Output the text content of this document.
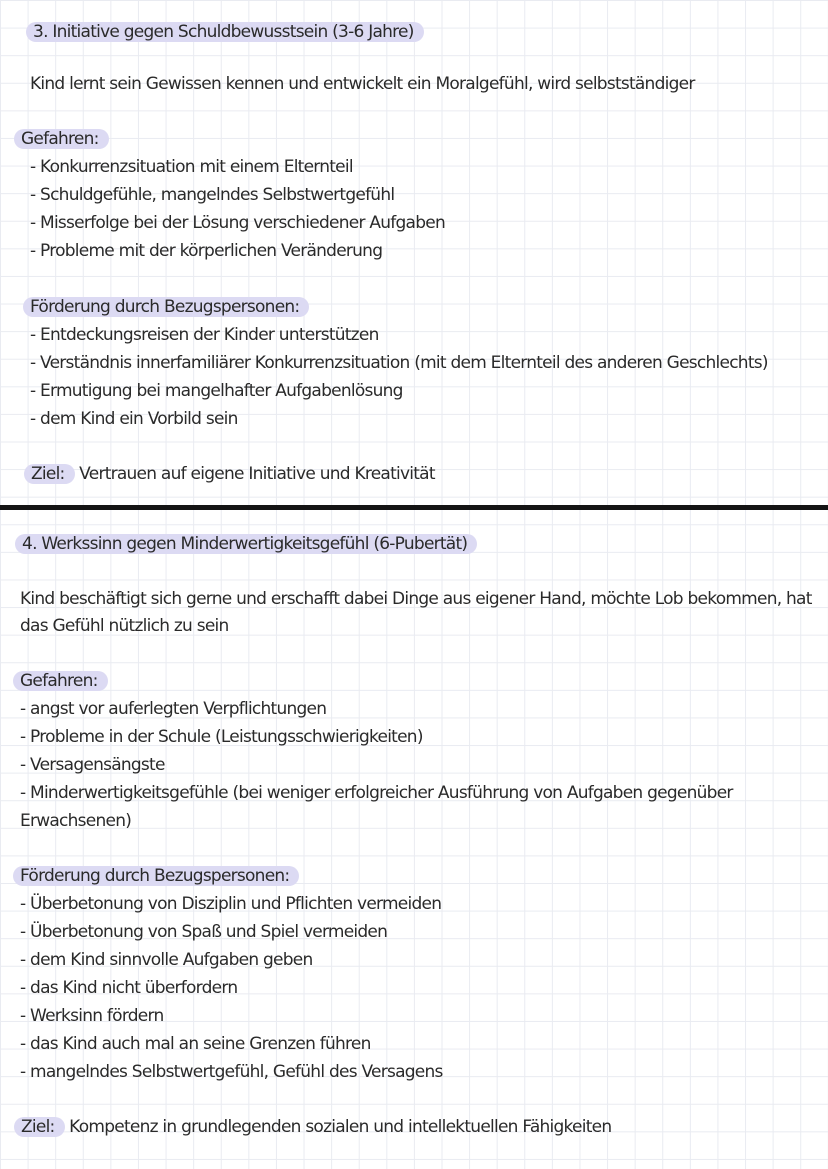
3. Initiative gegen Schuldbewusstsein (3-6 Jahre)

Kind lernt sein Gewissen kennen und entwickelt ein Moralgefühl, wird selbstständiger

Gefahren:

- Konkurrenzsituation mit einem Elternteil

- Schuldgefühle, mangelndes Selbstwertgefühl

- Misserfolge bei der Lösung verschiedener Aufgaben

- Probleme mit der körperlichen Veränderung

Förderung durch Bezugspersonen:

- Entdeckungsreisen der Kinder unterstützen

- Verständnis innerfamiliärer Konkurrenzsituation (mit dem Elternteil des anderen Geschlechts)

- Ermutigung bei mangelhafter Aufgabenlösung

- dem Kind ein Vorbild sein

Ziel: Vertrauen auf eigene Initiative und Kreativität

4. Werkssinn gegen Minderwertigkeitsgefühl (6-Pubertät)

Kind beschäftigt sich gerne und erschafft dabei Dinge aus eigener Hand, möchte Lob bekommen, hat

das Gefühl nützlich zu sein

Gefahren:

- angst vor auferlegten Verpflichtungen

- Probleme in der Schule (Leistungsschwierigkeiten)

- Versagensängste

- Minderwertigkeitsgefühle (bei weniger erfolgreicher Ausführung von Aufgaben gegenüber

Erwachsenen)

Förderung durch Bezugspersonen:

- Überbetonung von Disziplin und Pflichten vermeiden

- Überbetonung von Spaß und Spiel vermeiden

- dem Kind sinnvolle Aufgaben geben

- das Kind nicht überfordern

- Werksinn fördern

- das Kind auch mal an seine Grenzen führen

- mangelndes Selbstwertgefühl, Gefühl des Versagens

Ziel: Kompetenz in grundlegenden sozialen und intellektuellen Fähigkeiten
